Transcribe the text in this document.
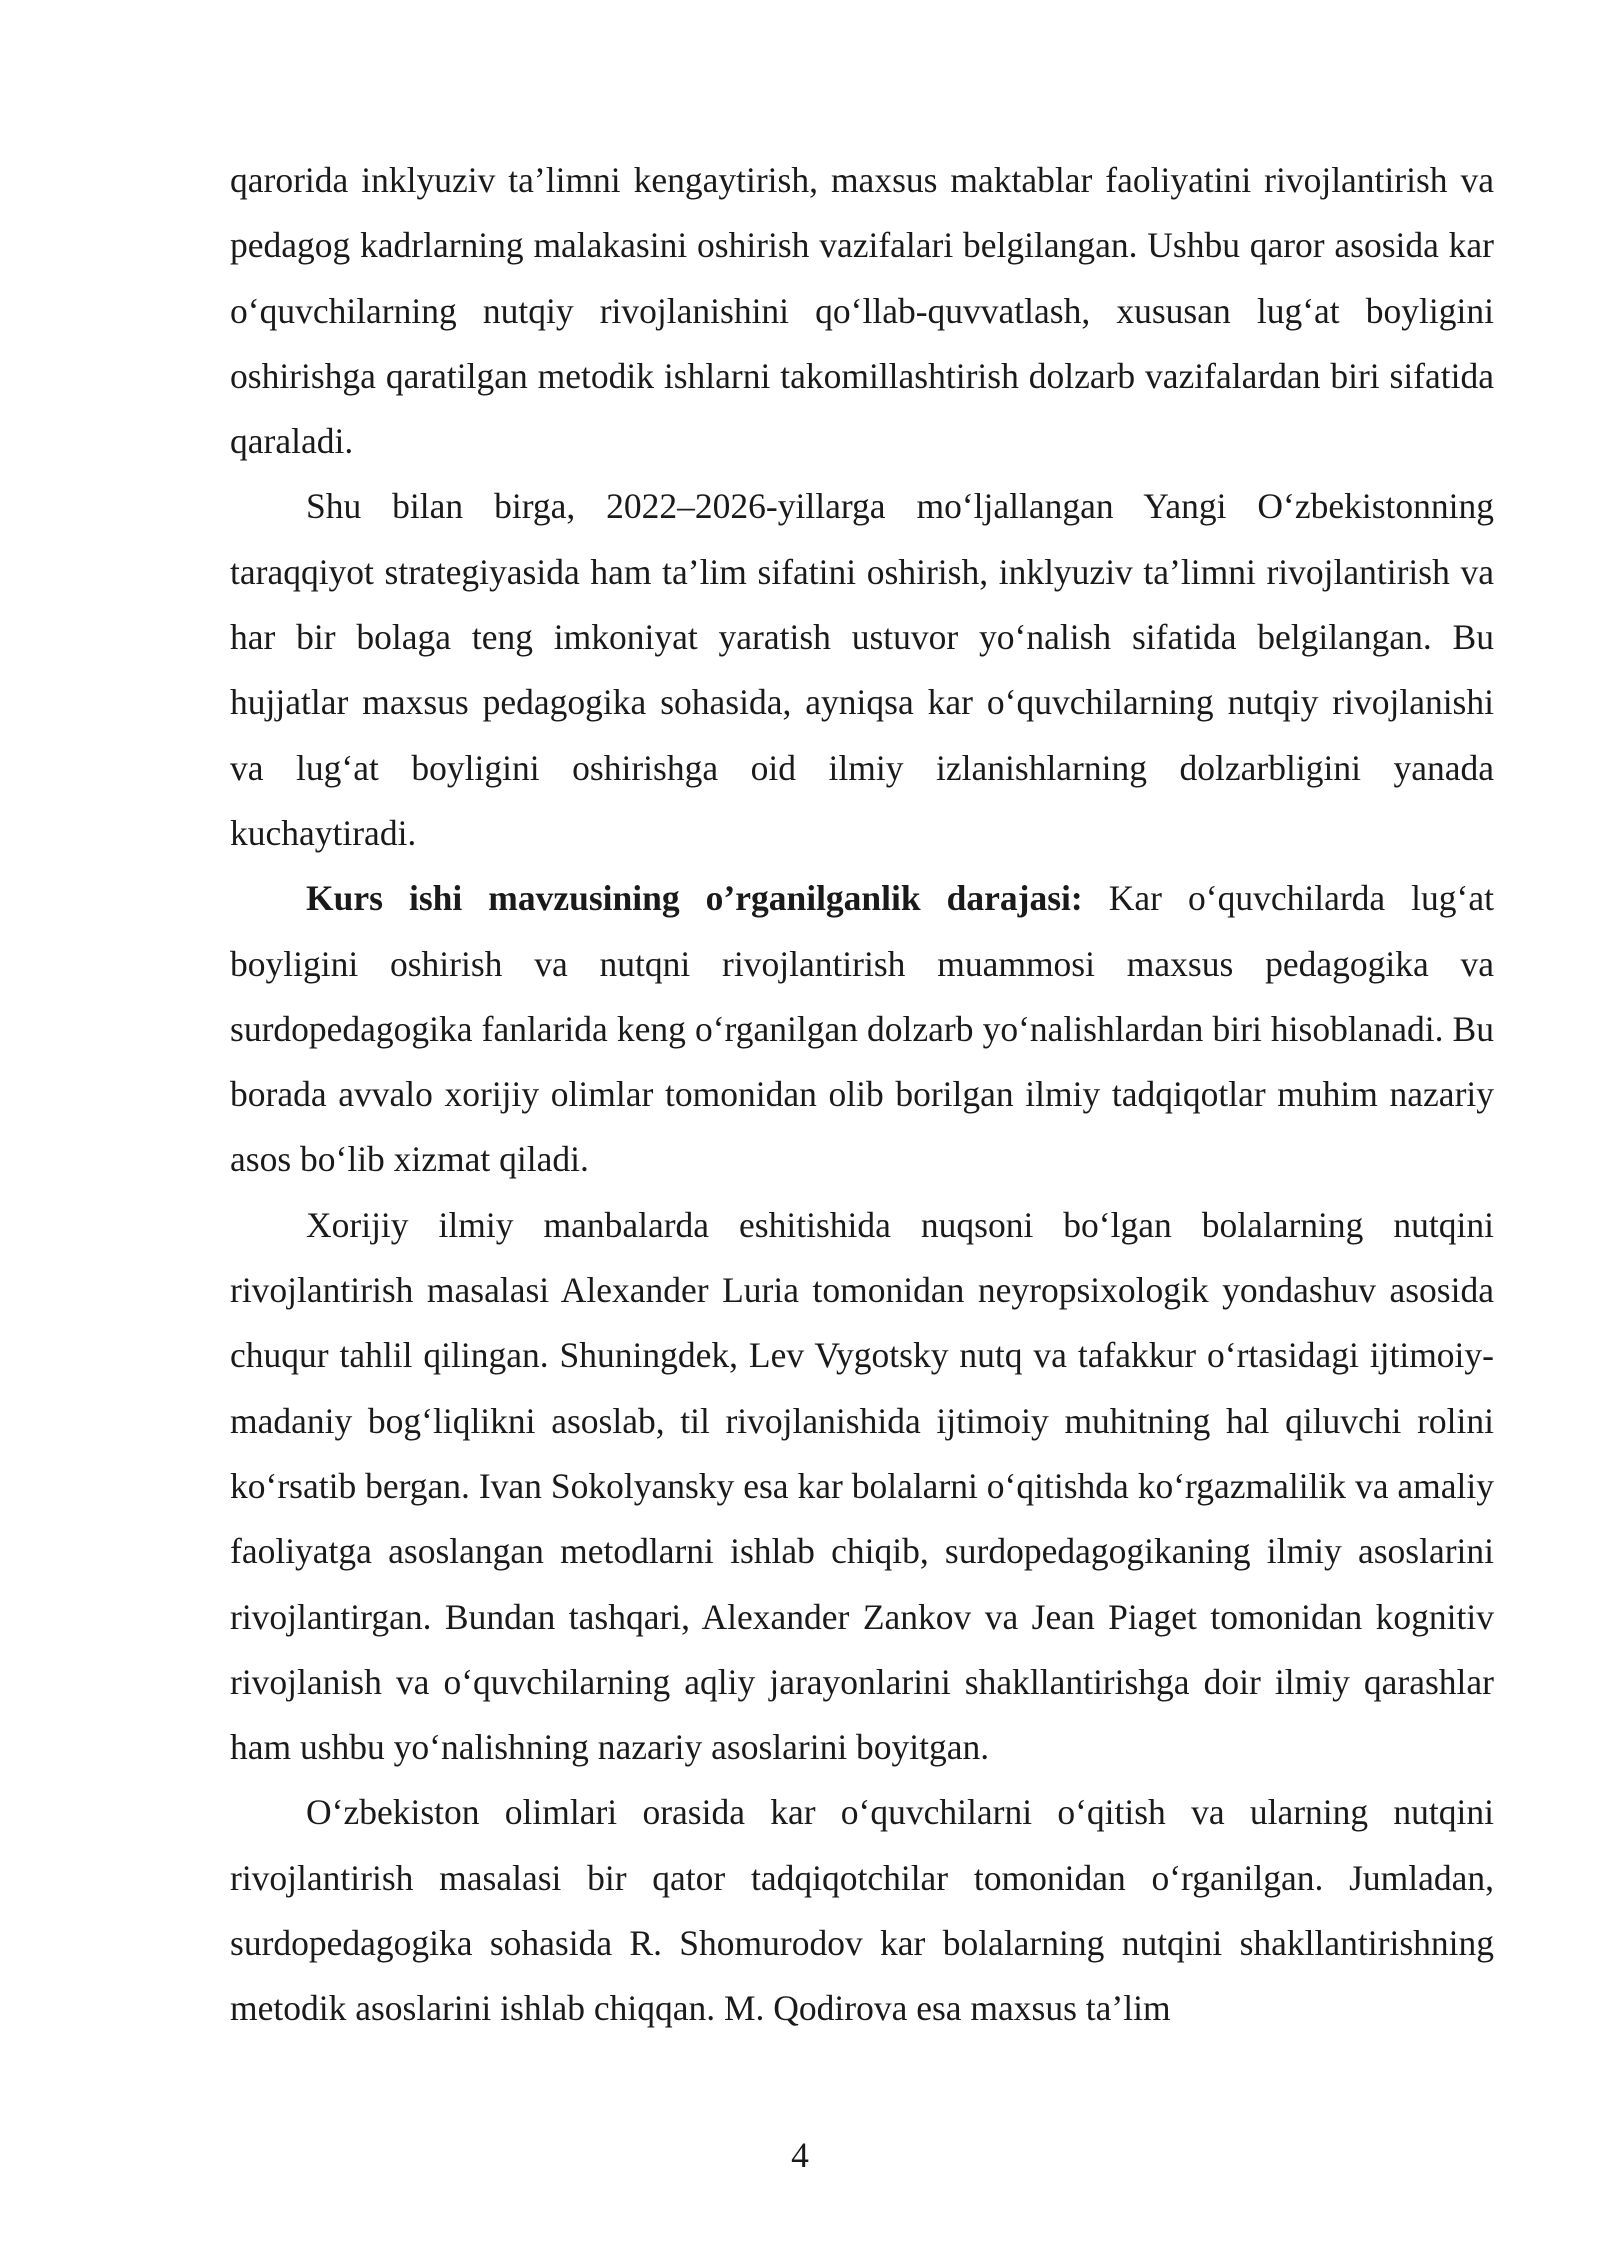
qarorida inklyuziv ta’limni kengaytirish, maxsus maktablar faoliyatini rivojlantirish va pedagog kadrlarning malakasini oshirish vazifalari belgilangan. Ushbu qaror asosida kar o‘quvchilarning nutqiy rivojlanishini qo‘llab-quvvatlash, xususan lug‘at boyligini oshirishga qaratilgan metodik ishlarni takomillashtirish dolzarb vazifalardan biri sifatida qaraladi.

Shu bilan birga, 2022–2026-yillarga mo‘ljallangan Yangi O‘zbekistonning taraqqiyot strategiyasida ham ta’lim sifatini oshirish, inklyuziv ta’limni rivojlantirish va har bir bolaga teng imkoniyat yaratish ustuvor yo‘nalish sifatida belgilangan. Bu hujjatlar maxsus pedagogika sohasida, ayniqsa kar o‘quvchilarning nutqiy rivojlanishi va lug‘at boyligini oshirishga oid ilmiy izlanishlarning dolzarbligini yanada kuchaytiradi.

Kurs ishi mavzusining o’rganilganlik darajasi: Kar o‘quvchilarda lug‘at boyligini oshirish va nutqni rivojlantirish muammosi maxsus pedagogika va surdopedagogika fanlarida keng o‘rganilgan dolzarb yo‘nalishlardan biri hisoblanadi. Bu borada avvalo xorijiy olimlar tomonidan olib borilgan ilmiy tadqiqotlar muhim nazariy asos bo‘lib xizmat qiladi.

Xorijiy ilmiy manbalarda eshitishida nuqsoni bo‘lgan bolalarning nutqini rivojlantirish masalasi Alexander Luria tomonidan neyropsixologik yondashuv asosida chuqur tahlil qilingan. Shuningdek, Lev Vygotsky nutq va tafakkur o‘rtasidagi ijtimoiy-madaniy bog‘liqlikni asoslab, til rivojlanishida ijtimoiy muhitning hal qiluvchi rolini ko‘rsatib bergan. Ivan Sokolyansky esa kar bolalarni o‘qitishda ko‘rgazmalilik va amaliy faoliyatga asoslangan metodlarni ishlab chiqib, surdopedagogikaning ilmiy asoslarini rivojlantirgan. Bundan tashqari, Alexander Zankov va Jean Piaget tomonidan kognitiv rivojlanish va o‘quvchilarning aqliy jarayonlarini shakllantirishga doir ilmiy qarashlar ham ushbu yo‘nalishning nazariy asoslarini boyitgan.

O‘zbekiston olimlari orasida kar o‘quvchilarni o‘qitish va ularning nutqini rivojlantirish masalasi bir qator tadqiqotchilar tomonidan o‘rganilgan. Jumladan, surdopedagogika sohasida R. Shomurodov kar bolalarning nutqini shakllantirishning metodik asoslarini ishlab chiqqan. M. Qodirova esa maxsus ta’lim

4
